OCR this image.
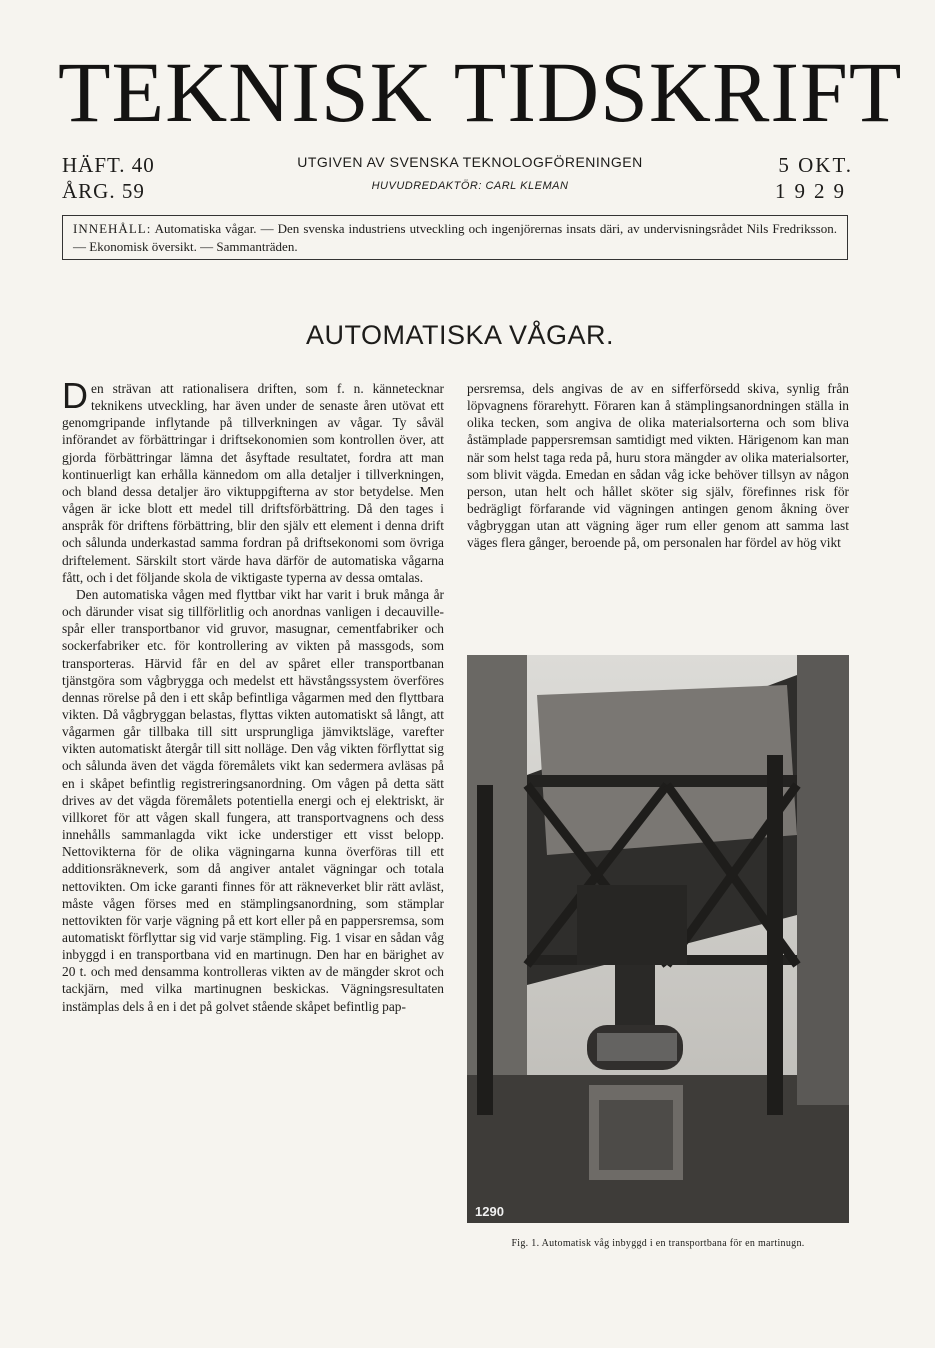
TEKNISK TIDSKRIFT
HÄFT. 40
ÅRG. 59
UTGIVEN AV SVENSKA TEKNOLOGFÖRENINGEN
HUVUDREDAKTÖR: CARL KLEMAN
5 OKT.
1929
INNEHÅLL: Automatiska vågar. — Den svenska industriens utveckling och ingenjörernas insats däri, av undervisningsrådet Nils Fredriksson. — Ekonomisk översikt. — Sammanträden.
AUTOMATISKA VÅGAR.

Den strävan att rationalisera driften, som f. n. kännetecknar teknikens utveckling, har även under de senaste åren utövat ett genomgripande inflytande på tillverkningen av vågar. Ty såväl införandet av förbättringar i driftsekonomien som kontrollen över, att gjorda förbättringar lämna det åsyftade resultatet, fordra att man kontinuerligt kan erhålla kännedom om alla detaljer i tillverkningen, och bland dessa detaljer äro viktuppgifterna av stor betydelse. Men vågen är icke blott ett medel till driftsförbättring. Då den tages i anspråk för driftens förbättring, blir den själv ett element i denna drift och sålunda underkastad samma fordran på driftsekonomi som övriga driftelement. Särskilt stort värde hava därför de automatiska vågarna fått, och i det följande skola de viktigaste typerna av dessa omtalas.

Den automatiska vågen med flyttbar vikt har varit i bruk många år och därunder visat sig tillförlitlig och anordnas vanligen i decauville-spår eller transportbanor vid gruvor, masugnar, cementfabriker och sockerfabriker etc. för kontrollering av vikten på massgods, som transporteras. Härvid får en del av spåret eller transportbanan tjänstgöra som vågbrygga och medelst ett hävstångssystem överföres dennas rörelse på den i ett skåp befintliga vågarmen med den flyttbara vikten. Då vågbryggan belastas, flyttas vikten automatiskt så långt, att vågarmen går tillbaka till sitt ursprungliga jämviktsläge, varefter vikten automatiskt återgår till sitt nolläge. Den våg vikten förflyttat sig och sålunda även det vägda föremålets vikt kan sedermera avläsas på en i skåpet befintlig registreringsanordning. Om vågen på detta sätt drives av det vägda föremålets potentiella energi och ej elektriskt, är villkoret för att vågen skall fungera, att transportvagnens och dess innehålls sammanlagda vikt icke understiger ett visst belopp. Nettovikterna för de olika vägningarna kunna överföras till ett additionsräkneverk, som då angiver antalet vägningar och totala nettovikten. Om icke garanti finnes för att räkneverket blir rätt avläst, måste vågen förses med en stämplingsanordning, som stämplar nettovikten för varje vägning på ett kort eller på en pappersremsa, som automatiskt förflyttar sig vid varje stämpling. Fig. 1 visar en sådan våg inbyggd i en transportbana vid en martinugn. Den har en bärighet av 20 t. och med densamma kontrolleras vikten av de mängder skrot och tackjärn, med vilka martinugnen beskickas. Vägningsresultaten instämplas dels å en i det på golvet stående skåpet befintlig pap-

persremsa, dels angivas de av en sifferförsedd skiva, synlig från löpvagnens förarehytt. Föraren kan å stämplingsanordningen ställa in olika tecken, som angiva de olika materialsorterna och som bliva åstämplade pappersremsan samtidigt med vikten. Härigenom kan man när som helst taga reda på, huru stora mängder av olika materialsorter, som blivit vägda. Emedan en sådan våg icke behöver tillsyn av någon person, utan helt och hållet sköter sig själv, förefinnes risk för bedrägligt förfarande vid vägningen antingen genom åkning över vågbryggan utan att vägning äger rum eller genom att samma last väges flera gånger, beroende på, om personalen har fördel av hög vikt

1290
Fig. 1. Automatisk våg inbyggd i en transportbana för en martinugn.
